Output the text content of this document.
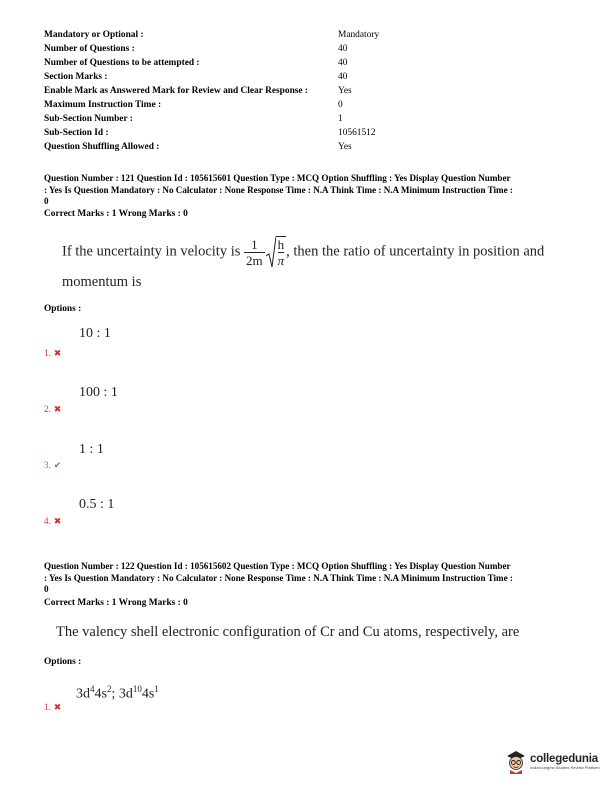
Mandatory or Optional :	Mandatory
Number of Questions :	40
Number of Questions to be attempted :	40
Section Marks :	40
Enable Mark as Answered Mark for Review and Clear Response :	Yes
Maximum Instruction Time :	0
Sub-Section Number :	1
Sub-Section Id :	10561512
Question Shuffling Allowed :	Yes
Question Number : 121 Question Id : 105615601 Question Type : MCQ Option Shuffling : Yes Display Question Number
: Yes Is Question Mandatory : No Calculator : None Response Time : N.A Think Time : N.A Minimum Instruction Time :
0
Correct Marks : 1 Wrong Marks : 0
If the uncertainty in velocity is $\frac{1}{2m} \frac{h}{\pi}$ , then the ratio of uncertainty in position and
momentum is
Options :
10 : 1
1. ✖
100 : 1
2. ✖
1 : 1
3. ✔
0.5 : 1
4. ✖
Question Number : 122 Question Id : 105615602 Question Type : MCQ Option Shuffling : Yes Display Question Number
: Yes Is Question Mandatory : No Calculator : None Response Time : N.A Think Time : N.A Minimum Instruction Time :
0
Correct Marks : 1 Wrong Marks : 0
The valency shell electronic configuration of Cr and Cu atoms, respectively, are
Options :
$3d^44s^2$; $3d^{10}4s^1$
1. ✖
collegedunia
India's largest Student Review Platform
